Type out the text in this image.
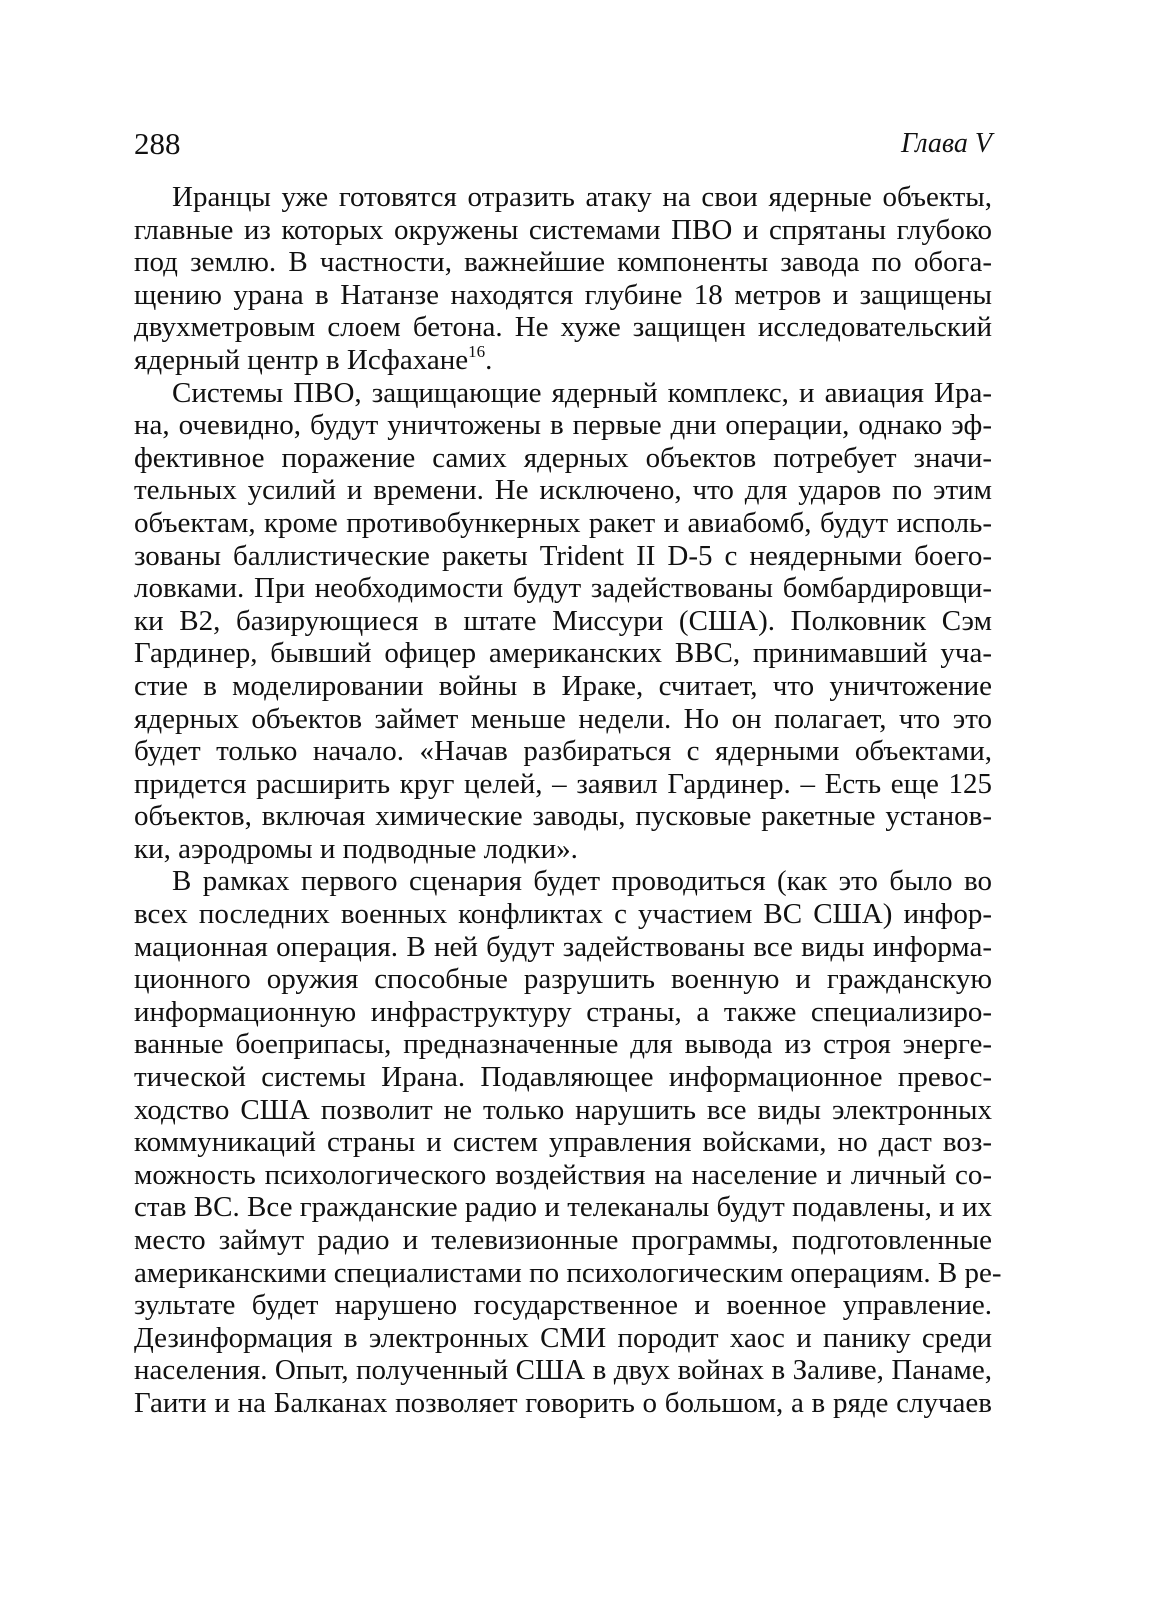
288	Глава V
Иранцы уже готовятся отразить атаку на свои ядерные объекты,
главные из которых окружены системами ПВО и спрятаны глубоко
под землю. В частности, важнейшие компоненты завода по обога-
щению урана в Натанзе находятся глубине 18 метров и защищены
двухметровым слоем бетона. Не хуже защищен исследовательский
ядерный центр в Исфахане$^{16}$.
Системы ПВО, защищающие ядерный комплекс, и авиация Ира-
на, очевидно, будут уничтожены в первые дни операции, однако эф-
фективное поражение самих ядерных объектов потребует значи-
тельных усилий и времени. Не исключено, что для ударов по этим
объектам, кроме противобункерных ракет и авиабомб, будут исполь-
зованы баллистические ракеты Trident II D-5 с неядерными боего-
ловками. При необходимости будут задействованы бомбардировщи-
ки B2, базирующиеся в штате Миссури (США). Полковник Сэм
Гардинер, бывший офицер американских ВВС, принимавший уча-
стие в моделировании войны в Ираке, считает, что уничтожение
ядерных объектов займет меньше недели. Но он полагает, что это
будет только начало. «Начав разбираться с ядерными объектами,
придется расширить круг целей, – заявил Гардинер. – Есть еще 125
объектов, включая химические заводы, пусковые ракетные установ-
ки, аэродромы и подводные лодки».
В рамках первого сценария будет проводиться (как это было во
всех последних военных конфликтах с участием ВС США) инфор-
мационная операция. В ней будут задействованы все виды информа-
ционного оружия способные разрушить военную и гражданскую
информационную инфраструктуру страны, а также специализиро-
ванные боеприпасы, предназначенные для вывода из строя энерге-
тической системы Ирана. Подавляющее информационное превос-
ходство США позволит не только нарушить все виды электронных
коммуникаций страны и систем управления войсками, но даст воз-
можность психологического воздействия на население и личный со-
став ВС. Все гражданские радио и телеканалы будут подавлены, и их
место займут радио и телевизионные программы, подготовленные
американскими специалистами по психологическим операциям. В ре-
зультате будет нарушено государственное и военное управление.
Дезинформация в электронных СМИ породит хаос и панику среди
населения. Опыт, полученный США в двух войнах в Заливе, Панаме,
Гаити и на Балканах позволяет говорить о большом, а в ряде случаев
